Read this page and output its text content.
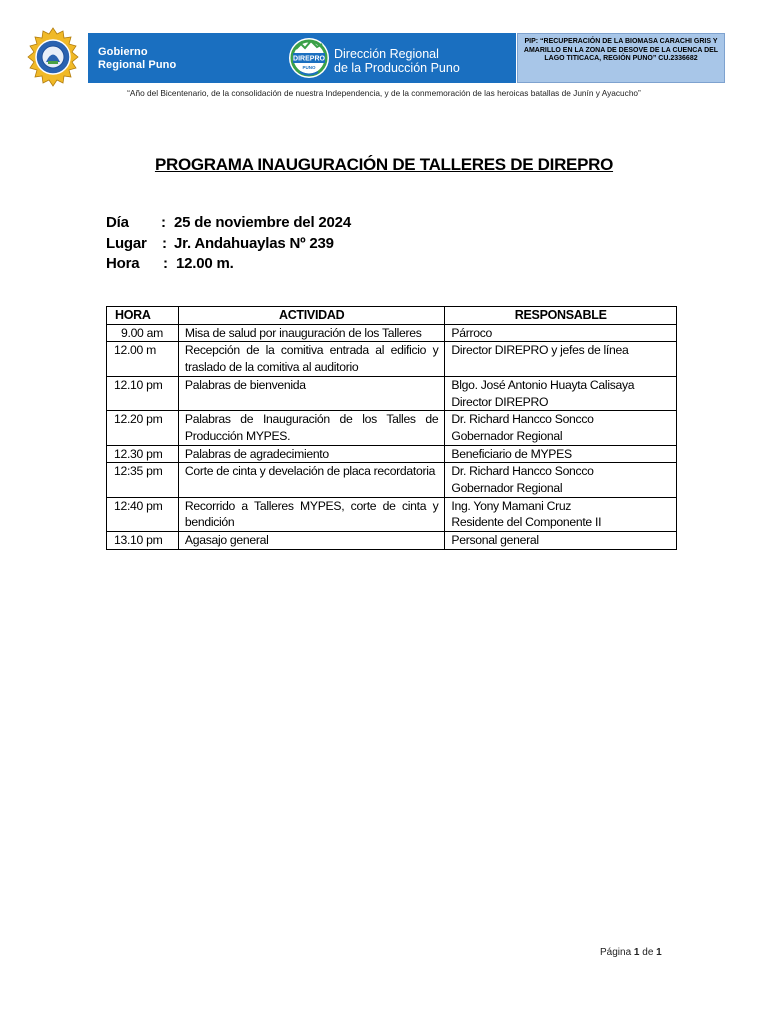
Gobierno
Regional Puno	DIREPRO
PUNO
Dirección Regional
de la Producción Puno
PIP: “RECUPERACIÓN DE LA BIOMASA CARACHI GRIS Y AMARILLO EN LA ZONA DE DESOVE DE LA CUENCA DEL LAGO TITICACA, REGIÓN PUNO” CU.2336682
“Año del Bicentenario, de la consolidación de nuestra Independencia, y de la conmemoración de las heroicas batallas de Junín y Ayacucho”
PROGRAMA INAUGURACIÓN DE TALLERES DE DIREPRO
Día : 25 de noviembre del 2024
Lugar : Jr. Andahuaylas Nº 239
Hora : 12.00 m.
HORA	ACTIVIDAD	RESPONSABLE
9.00 am	Misa de salud por inauguración de los Talleres	Párroco

12.00 m	Recepción de la comitiva entrada al edificio y traslado de la comitiva al auditorio	Director DIREPRO y jefes de línea

12.10 pm	Palabras de bienvenida	Blgo. José Antonio Huayta Calisaya
Director DIREPRO

12.20 pm	Palabras de Inauguración de los Talles de Producción MYPES.	Dr. Richard Hancco Soncco
Gobernador Regional

12.30 pm	Palabras de agradecimiento	Beneficiario de MYPES

12:35 pm	Corte de cinta y develación de placa recordatoria	Dr. Richard Hancco Soncco
Gobernador Regional

12:40 pm	Recorrido a Talleres MYPES, corte de cinta y bendición	Ing. Yony Mamani Cruz
Residente del Componente II

13.10 pm	Agasajo general	Personal general
Página 1 de 1
